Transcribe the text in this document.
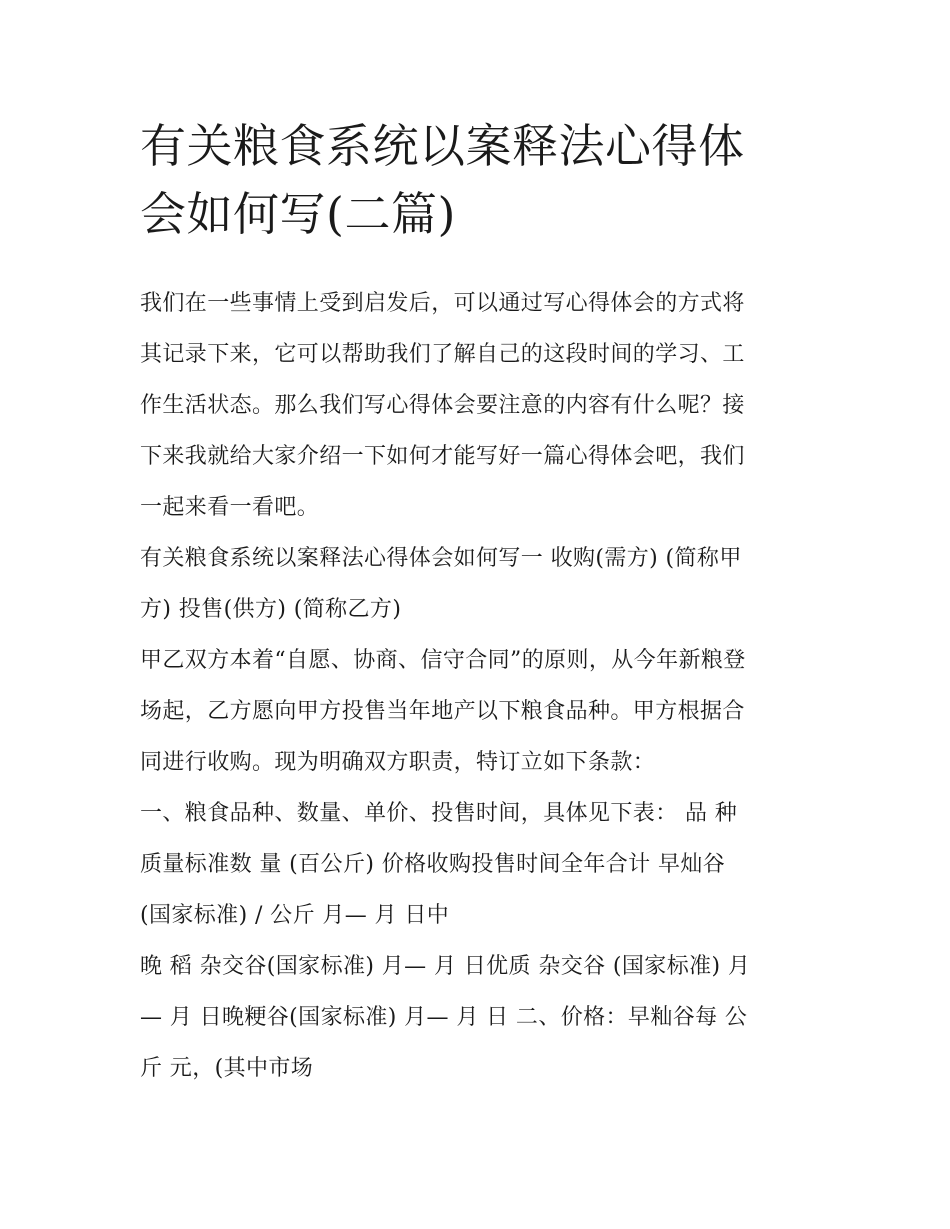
有关粮食系统以案释法心得体
会如何写(二篇)
我们在一些事情上受到启发后，可以通过写心得体会的方式将
其记录下来，它可以帮助我们了解自己的这段时间的学习、工
作生活状态。那么我们写心得体会要注意的内容有什么呢？接
下来我就给大家介绍一下如何才能写好一篇心得体会吧，我们
一起来看一看吧。
有关粮食系统以案释法心得体会如何写一 收购(需方) (简称甲
方) 投售(供方) (简称乙方)
甲乙双方本着“自愿、协商、信守合同”的原则，从今年新粮登
场起，乙方愿向甲方投售当年地产以下粮食品种。甲方根据合
同进行收购。现为明确双方职责，特订立如下条款：
一、粮食品种、数量、单价、投售时间，具体见下表： 品 种
质量标准数 量 (百公斤) 价格收购投售时间全年合计 早灿谷
(国家标准) / 公斤 月— 月 日中
晚 稻 杂交谷(国家标准) 月— 月 日优质 杂交谷 (国家标准) 月
— 月 日晚粳谷(国家标准) 月— 月 日 二、价格：早籼谷每 公
斤 元，(其中市场
